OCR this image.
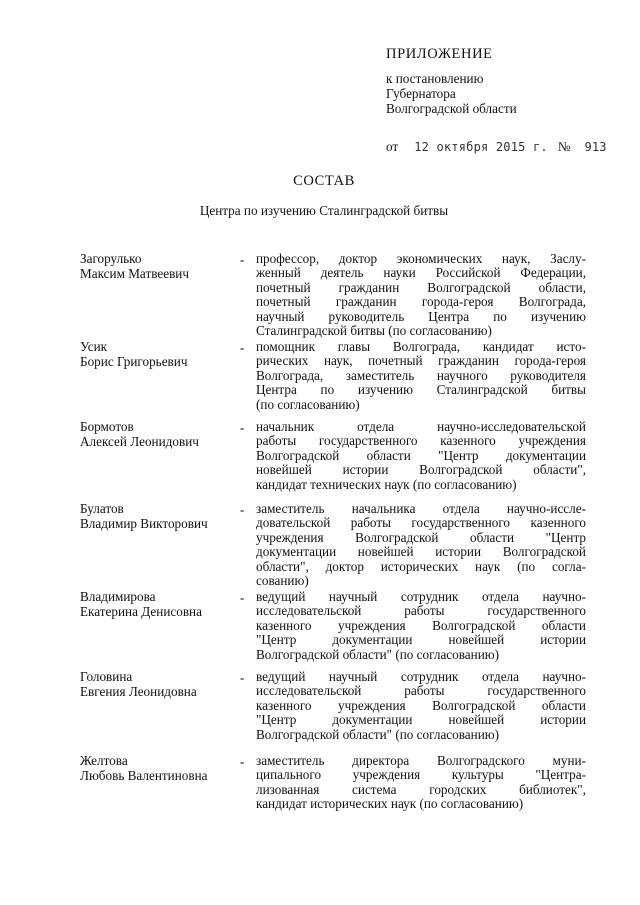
ПРИЛОЖЕНИЕ
к постановлению
Губернатора
Волгоградской области
от 12 октября 2015 г. № 913
СОСТАВ
Центра по изучению Сталинградской битвы
Загорулько
Максим Матвеевич
- профессор, доктор экономических наук, Заслу-
женный деятель науки Российской Федерации,
почетный гражданин Волгоградской области,
почетный гражданин города-героя Волгограда,
научный руководитель Центра по изучению
Сталинградской битвы (по согласованию)
Усик
Борис Григорьевич
- помощник главы Волгограда, кандидат исто-
рических наук, почетный гражданин города-героя
Волгограда, заместитель научного руководителя
Центра по изучению Сталинградской битвы
(по согласованию)
Бормотов
Алексей Леонидович
- начальник отдела научно-исследовательской
работы государственного казенного учреждения
Волгоградской области "Центр документации
новейшей истории Волгоградской области",
кандидат технических наук (по согласованию)
Булатов
Владимир Викторович
- заместитель начальника отдела научно-иссле-
довательской работы государственного казенного
учреждения Волгоградской области "Центр
документации новейшей истории Волгоградской
области", доктор исторических наук (по согла-
сованию)
Владимирова
Екатерина Денисовна
- ведущий научный сотрудник отдела научно-
исследовательской работы государственного
казенного учреждения Волгоградской области
"Центр документации новейшей истории
Волгоградской области" (по согласованию)
Головина
Евгения Леонидовна
- ведущий научный сотрудник отдела научно-
исследовательской работы государственного
казенного учреждения Волгоградской области
"Центр документации новейшей истории
Волгоградской области" (по согласованию)
Желтова
Любовь Валентиновна
- заместитель директора Волгоградского муни-
ципального учреждения культуры "Центра-
лизованная система городских библиотек",
кандидат исторических наук (по согласованию)
